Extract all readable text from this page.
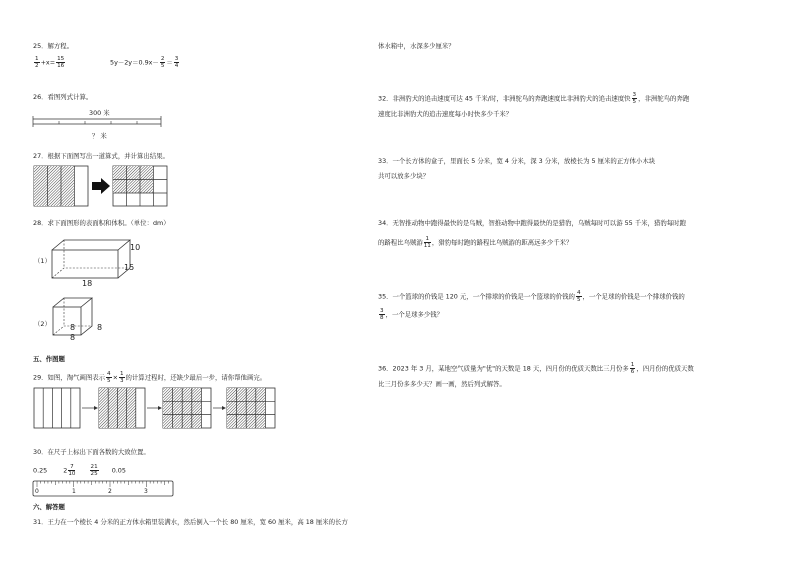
25．解方程。
$\frac{1}{2} +x= \frac{15}{16}$	$5y-2y=0.9x- \frac{2}{5} = \frac{3}{4}$
26．看图列式计算。
300 米
？ 米
27．根据下面图写出一道算式，并计算出结果。
28．求下面图形的表面积和体积。（单位：dm）
（1）
10
15
18
（2） 8	8
8
五、作图题
29．如图，淘气画图表示 $\frac{4}{5} \times \frac{1}{3}$ 的计算过程时，还缺少最后一步，请你帮他画完。
30．在尺子上标出下面各数的大致位置。
0.25	$2 \frac{7}{10}$
	$\frac{21}{25} 0.05$
0	1	2	3
六、解答题
31．王力在一个棱长 4 分米的正方体水箱里装满水，然后倒入一个长 80 厘米，宽 60 厘米，高 18 厘米的长方
体水箱中，水深多少厘米？
32．非洲豹犬的追击速度可达 45 千米/时，非洲鸵鸟的奔跑速度比非洲豹犬的追击速度快 $\frac{3}{5}$ ，非洲鸵鸟的奔跑
速度比非洲豹犬的追击速度每小时快多少千米？
33．一个长方体的盒子，里面长 5 分米，宽 4 分米，深 3 分米，放棱长为 5 厘米的正方体小木块
共可以放多少块？
34．无智推动物中跑得最快的是鸟贼，智推动物中跑得最快的是猎豹，乌贼每时可以游 55 千米，猎豹每时跑
的路程比乌贼游 $\frac{1}{11}$ ，猎豹每时跑的路程比乌贼游的距离远多少千米？
35．一个篮球的价钱是 120 元，一个排球的价钱是一个篮球的价钱的 $\frac{4}{5}$ ，一个足球的价钱是一个排球价钱的
$\frac{3}{8}$ ，一个足球多少钱？
36．2023 年 3 月，某地空气质量为"优"的天数是 18 天，四月份的优质天数比三月份多 $\frac{1}{6}$ ，四月份的优质天数
比三月份多多少天？画一画，然后列式解答。
